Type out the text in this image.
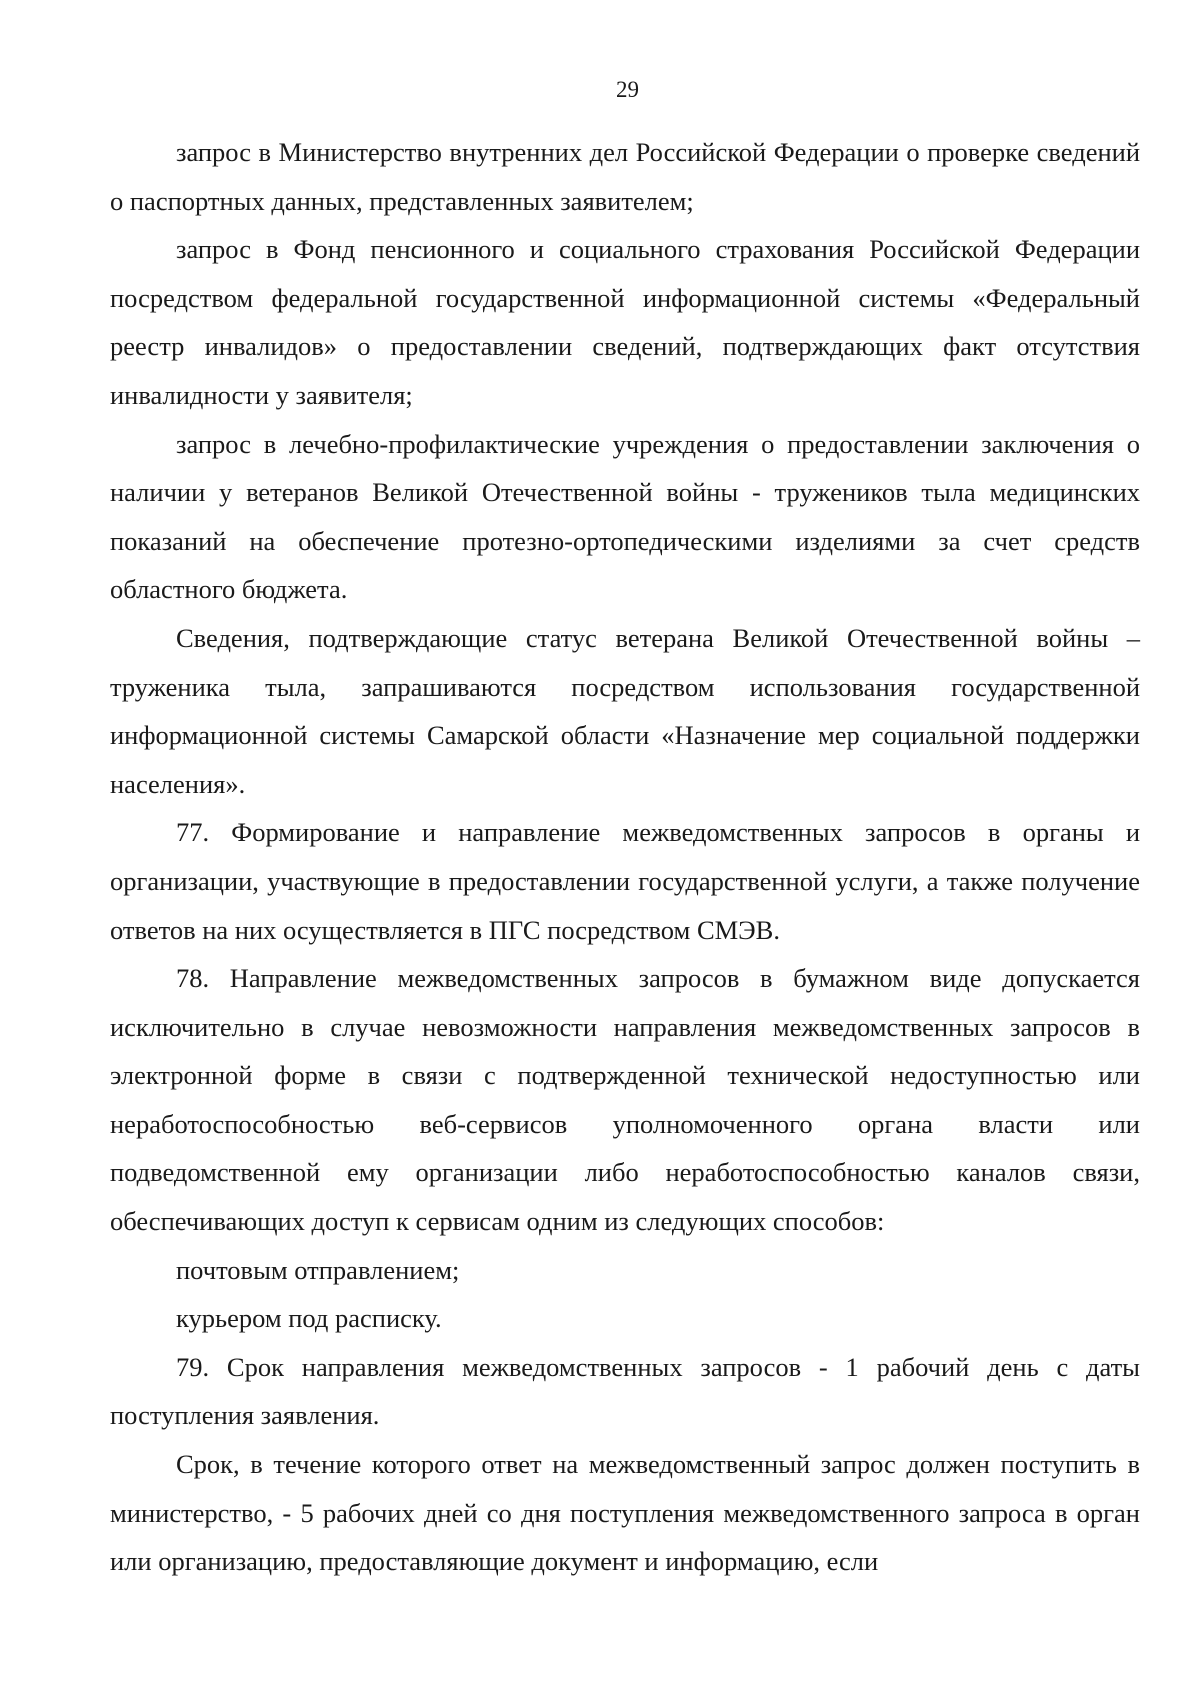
29

запрос в Министерство внутренних дел Российской Федерации о проверке сведений о паспортных данных, представленных заявителем;

запрос в Фонд пенсионного и социального страхования Российской Федерации посредством федеральной государственной информационной системы «Федеральный реестр инвалидов» о предоставлении сведений, подтверждающих факт отсутствия инвалидности у заявителя;

запрос в лечебно-профилактические учреждения о предоставлении заключения о наличии у ветеранов Великой Отечественной войны - тружеников тыла медицинских показаний на обеспечение протезно-ортопедическими изделиями за счет средств областного бюджета.

Сведения, подтверждающие статус ветерана Великой Отечественной войны – труженика тыла, запрашиваются посредством использования государственной информационной системы Самарской области «Назначение мер социальной поддержки населения».

77. Формирование и направление межведомственных запросов в органы и организации, участвующие в предоставлении государственной услуги, а также получение ответов на них осуществляется в ПГС посредством СМЭВ.

78. Направление межведомственных запросов в бумажном виде допускается исключительно в случае невозможности направления межведомственных запросов в электронной форме в связи с подтвержденной технической недоступностью или неработоспособностью веб-сервисов уполномоченного органа власти или подведомственной ему организации либо неработоспособностью каналов связи, обеспечивающих доступ к сервисам одним из следующих способов:

почтовым отправлением;

курьером под расписку.

79. Срок направления межведомственных запросов - 1 рабочий день с даты поступления заявления.

Срок, в течение которого ответ на межведомственный запрос должен поступить в министерство, - 5 рабочих дней со дня поступления межведомственного запроса в орган или организацию, предоставляющие документ и информацию, если
